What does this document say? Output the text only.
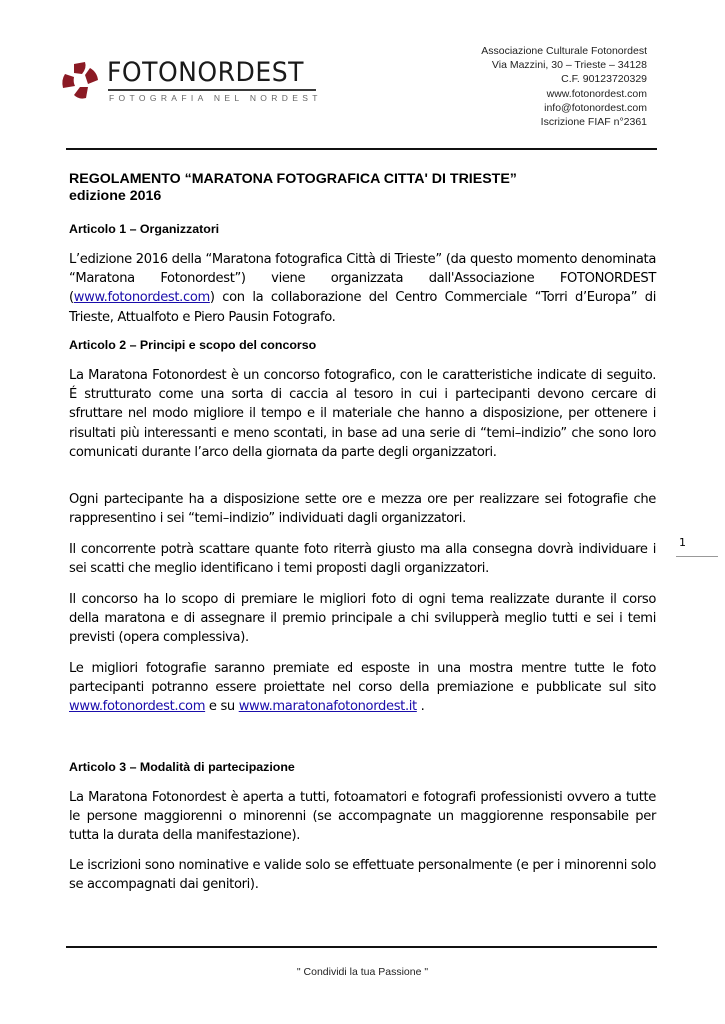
FOTONORDEST
FOTOGRAFIA NEL NORDEST
Associazione Culturale Fotonordest
Via Mazzini, 30 – Trieste – 34128
C.F. 90123720329
www.fotonordest.com
info@fotonordest.com
Iscrizione FIAF n°2361
REGOLAMENTO “MARATONA FOTOGRAFICA CITTA' DI TRIESTE”
edizione 2016
Articolo 1 – Organizzatori
L’edizione 2016 della “Maratona fotografica Città di Trieste” (da questo momento denominata “Maratona Fotonordest”) viene organizzata dall'Associazione FOTONORDEST (www.fotonordest.com) con la collaborazione del Centro Commerciale “Torri d’Europa” di Trieste, Attualfoto e Piero Pausin Fotografo.
Articolo 2 – Principi e scopo del concorso
La Maratona Fotonordest è un concorso fotografico, con le caratteristiche indicate di seguito. É strutturato come una sorta di caccia al tesoro in cui i partecipanti devono cercare di sfruttare nel modo migliore il tempo e il materiale che hanno a disposizione, per ottenere i risultati più interessanti e meno scontati, in base ad una serie di “temi–indizio” che sono loro comunicati durante l’arco della giornata da parte degli organizzatori.
Ogni partecipante ha a disposizione sette ore e mezza ore per realizzare sei fotografie che rappresentino i sei “temi–indizio” individuati dagli organizzatori.
Il concorrente potrà scattare quante foto riterrà giusto ma alla consegna dovrà individuare i sei scatti che meglio identificano i temi proposti dagli organizzatori.
Il concorso ha lo scopo di premiare le migliori foto di ogni tema realizzate durante il corso della maratona e di assegnare il premio principale a chi svilupperà meglio tutti e sei i temi previsti (opera complessiva).
Le migliori fotografie saranno premiate ed esposte in una mostra mentre tutte le foto partecipanti potranno essere proiettate nel corso della premiazione e pubblicate sul sito www.fotonordest.com e su www.maratonafotonordest.it .
Articolo 3 – Modalità di partecipazione
La Maratona Fotonordest è aperta a tutti, fotoamatori e fotografi professionisti ovvero a tutte le persone maggiorenni o minorenni (se accompagnate un maggiorenne responsabile per tutta la durata della manifestazione).
Le iscrizioni sono nominative e valide solo se effettuate personalmente (e per i minorenni solo se accompagnati dai genitori).
1
" Condividi la tua Passione "
